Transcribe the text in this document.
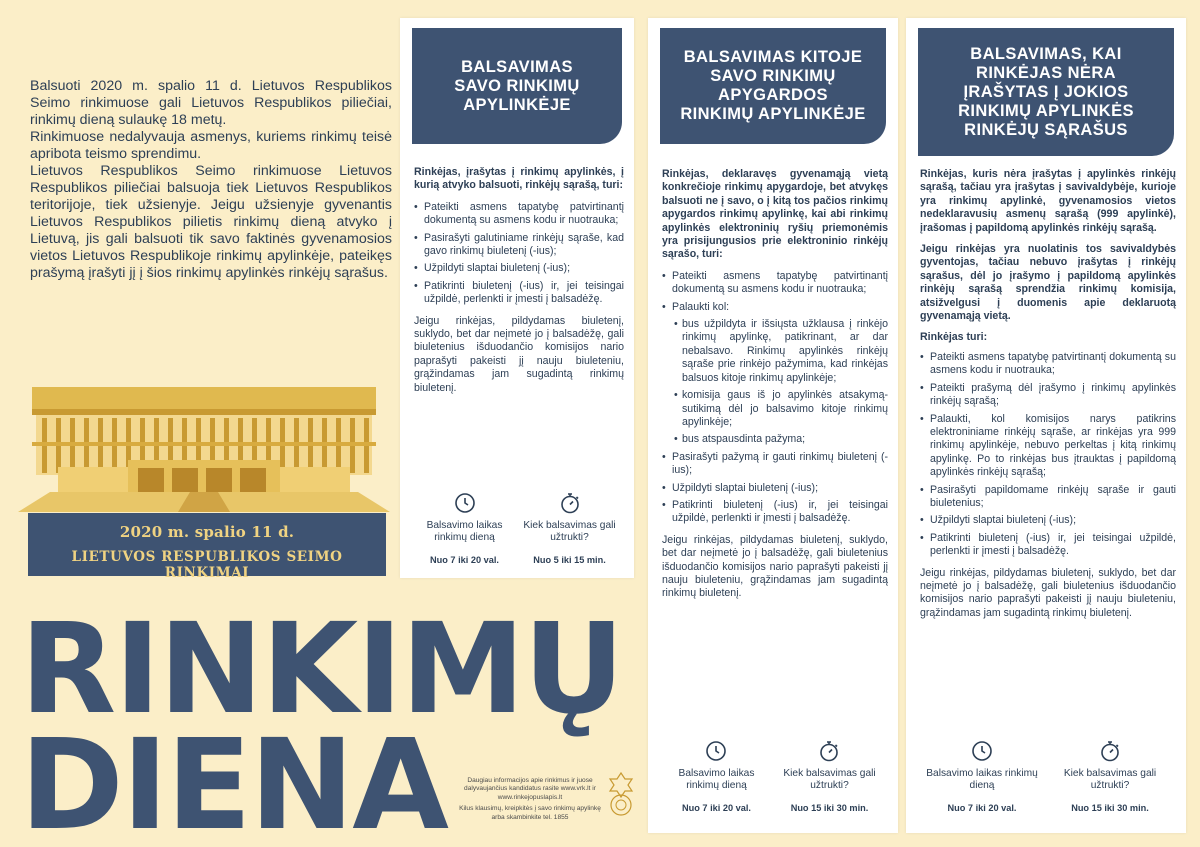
Balsuoti 2020 m. spalio 11 d. Lietuvos Respublikos Seimo rinkimuose gali Lietuvos Respublikos piliečiai, rinkimų dieną sulaukę 18 metų.

Rinkimuose nedalyvauja asmenys, kuriems rinkimų teisė apribota teismo sprendimu.

Lietuvos Respublikos Seimo rinkimuose Lietuvos Respublikos piliečiai balsuoja tiek Lietuvos Respublikos teritorijoje, tiek užsienyje. Jeigu užsienyje gyvenantis Lietuvos Respublikos pilietis rinkimų dieną atvyko į Lietuvą, jis gali balsuoti tik savo faktinės gyvenamosios vietos Lietuvos Respublikoje rinkimų apylinkėje, pateikęs prašymą įrašyti jį į šios rinkimų apylinkės rinkėjų sąrašus.

2020 m. spalio 11 d.
LIETUVOS RESPUBLIKOS SEIMO RINKIMAI
RINKIMŲ
DIENA	Daugiau informacijos apie rinkimus ir juose dalyvaujančius kandidatus rasite www.vrk.lt ir www.rinkejopuslapis.lt

Kilus klausimų, kreipkitės į savo rinkimų apylinkę arba skambinkite tel. 1855

BALSAVIMAS SAVO RINKIMŲ APYLINKĖJE
Rinkėjas, įrašytas į rinkimų apylinkės, į kurią atvyko balsuoti, rinkėjų sąrašą, turi:
• Pateikti asmens tapatybę patvirtinantį dokumentą su asmens kodu ir nuotrauka;
• Pasirašyti galutiniame rinkėjų sąraše, kad gavo rinkimų biuletenį (-ius);
• Užpildyti slaptai biuletenį (-ius);
• Patikrinti biuletenį (-ius) ir, jei teisingai užpildė, perlenkti ir įmesti į balsadėžę.

Jeigu rinkėjas, pildydamas biuletenį, suklydo, bet dar neįmetė jo į balsadėžę, gali biuletenius išduodančio komisijos nario paprašyti pakeisti jį nauju biuleteniu, grąžindamas jam sugadintą rinkimų biuletenį.

Balsavimo laikas rinkimų dieną
Nuo 7 iki 20 val.
Kiek balsavimas gali užtrukti?
Nuo 5 iki 15 min.
BALSAVIMAS KITOJE SAVO RINKIMŲ APYGARDOS RINKIMŲ APYLINKĖJE
Rinkėjas, deklaravęs gyvenamąją vietą konkrečioje rinkimų apygardoje, bet atvykęs balsuoti ne į savo, o į kitą tos pačios rinkimų apygardos rinkimų apylinkę, kai abi rinkimų apylinkės elektroninių ryšių priemonėmis yra prisijungusios prie elektroninio rinkėjų sąrašo, turi:
• Pateikti asmens tapatybę patvirtinantį dokumentą su asmens kodu ir nuotrauka;
• Palaukti kol:
• bus užpildyta ir išsiųsta užklausa į rinkėjo rinkimų apylinkę, patikrinant, ar dar nebalsavo. Rinkimų apylinkės rinkėjų sąraše prie rinkėjo pažymima, kad rinkėjas balsuos kitoje rinkimų apylinkėje;
• komisija gaus iš jo apylinkės atsakymą-sutikimą dėl jo balsavimo kitoje rinkimų apylinkėje;
• bus atspausdinta pažyma;
• Pasirašyti pažymą ir gauti rinkimų biuletenį (-ius);
• Užpildyti slaptai biuletenį (-ius);
• Patikrinti biuletenį (-ius) ir, jei teisingai užpildė, perlenkti ir įmesti į balsadėžę.

Jeigu rinkėjas, pildydamas biuletenį, suklydo, bet dar neįmetė jo į balsadėžę, gali biuletenius išduodančio komisijos nario paprašyti pakeisti jį nauju biuleteniu, grąžindamas jam sugadintą rinkimų biuletenį.

Balsavimo laikas rinkimų dieną
Nuo 7 iki 20 val.
Kiek balsavimas gali užtrukti?
Nuo 15 iki 30 min.
BALSAVIMAS, KAI RINKĖJAS NĖRA ĮRAŠYTAS Į JOKIOS RINKIMŲ APYLINKĖS RINKĖJŲ SĄRAŠUS
Rinkėjas, kuris nėra įrašytas į apylinkės rinkėjų sąrašą, tačiau yra įrašytas į savivaldybėje, kurioje yra rinkimų apylinkė, gyvenamosios vietos nedeklaravusių asmenų sąrašą (999 apylinkė), įrašomas į papildomą apylinkės rinkėjų sąrašą.
Jeigu rinkėjas yra nuolatinis tos savivaldybės gyventojas, tačiau nebuvo įrašytas į rinkėjų sąrašus, dėl jo įrašymo į papildomą apylinkės rinkėjų sąrašą sprendžia rinkimų komisija, atsižvelgusi į duomenis apie deklaruotą gyvenamąją vietą.
Rinkėjas turi:
• Pateikti asmens tapatybę patvirtinantį dokumentą su asmens kodu ir nuotrauka;
• Pateikti prašymą dėl įrašymo į rinkimų apylinkės rinkėjų sąrašą;
• Palaukti, kol komisijos narys patikrins elektroniniame rinkėjų sąraše, ar rinkėjas yra 999 rinkimų apylinkėje, nebuvo perkeltas į kitą rinkimų apylinkę. Po to rinkėjas bus įtrauktas į papildomą apylinkės rinkėjų sąrašą;
• Pasirašyti papildomame rinkėjų sąraše ir gauti biuletenius;
• Užpildyti slaptai biuletenį (-ius);
• Patikrinti biuletenį (-ius) ir, jei teisingai užpildė, perlenkti ir įmesti į balsadėžę.

Jeigu rinkėjas, pildydamas biuletenį, suklydo, bet dar neįmetė jo į balsadėžę, gali biuletenius išduodančio komisijos nario paprašyti pakeisti jį nauju biuleteniu, grąžindamas jam sugadintą rinkimų biuletenį.

Balsavimo laikas rinkimų dieną
Nuo 7 iki 20 val.
Kiek balsavimas gali užtrukti?
Nuo 15 iki 30 min.
